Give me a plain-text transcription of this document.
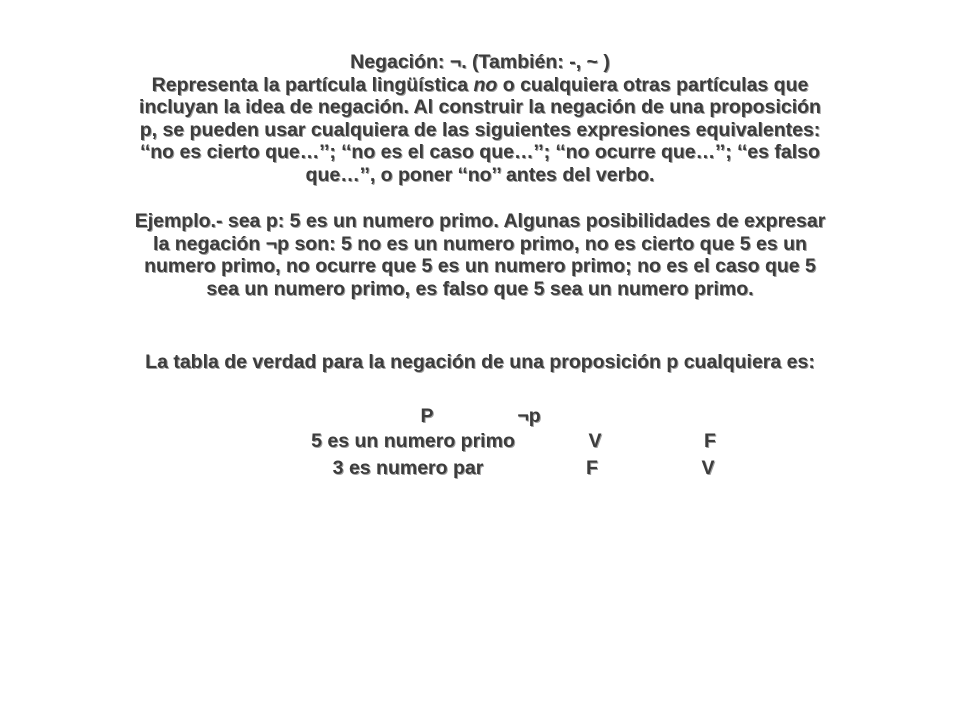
Negación: ¬. (También: -, ~ )
Representa la partícula lingüística no o cualquiera otras partículas que incluyan la idea de negación. Al construir la negación de una proposición p, se pueden usar cualquiera de las siguientes expresiones equivalentes: ‘‘no es cierto que…’’; ‘‘no es el caso que…’’; ‘‘no ocurre que…’’; ‘‘es falso que…’’, o poner ‘‘no’’ antes del verbo.
Ejemplo.- sea p: 5 es un numero primo. Algunas posibilidades de expresar la negación ¬p son: 5 no es un numero primo, no es cierto que 5 es un numero primo, no ocurre que 5 es un numero primo; no es el caso que 5 sea un numero primo, es falso que 5 sea un numero primo.
La tabla de verdad para la negación de una proposición p cualquiera es:
P	¬p
5 es un numero primo	V	F
3 es numero par	F	V
